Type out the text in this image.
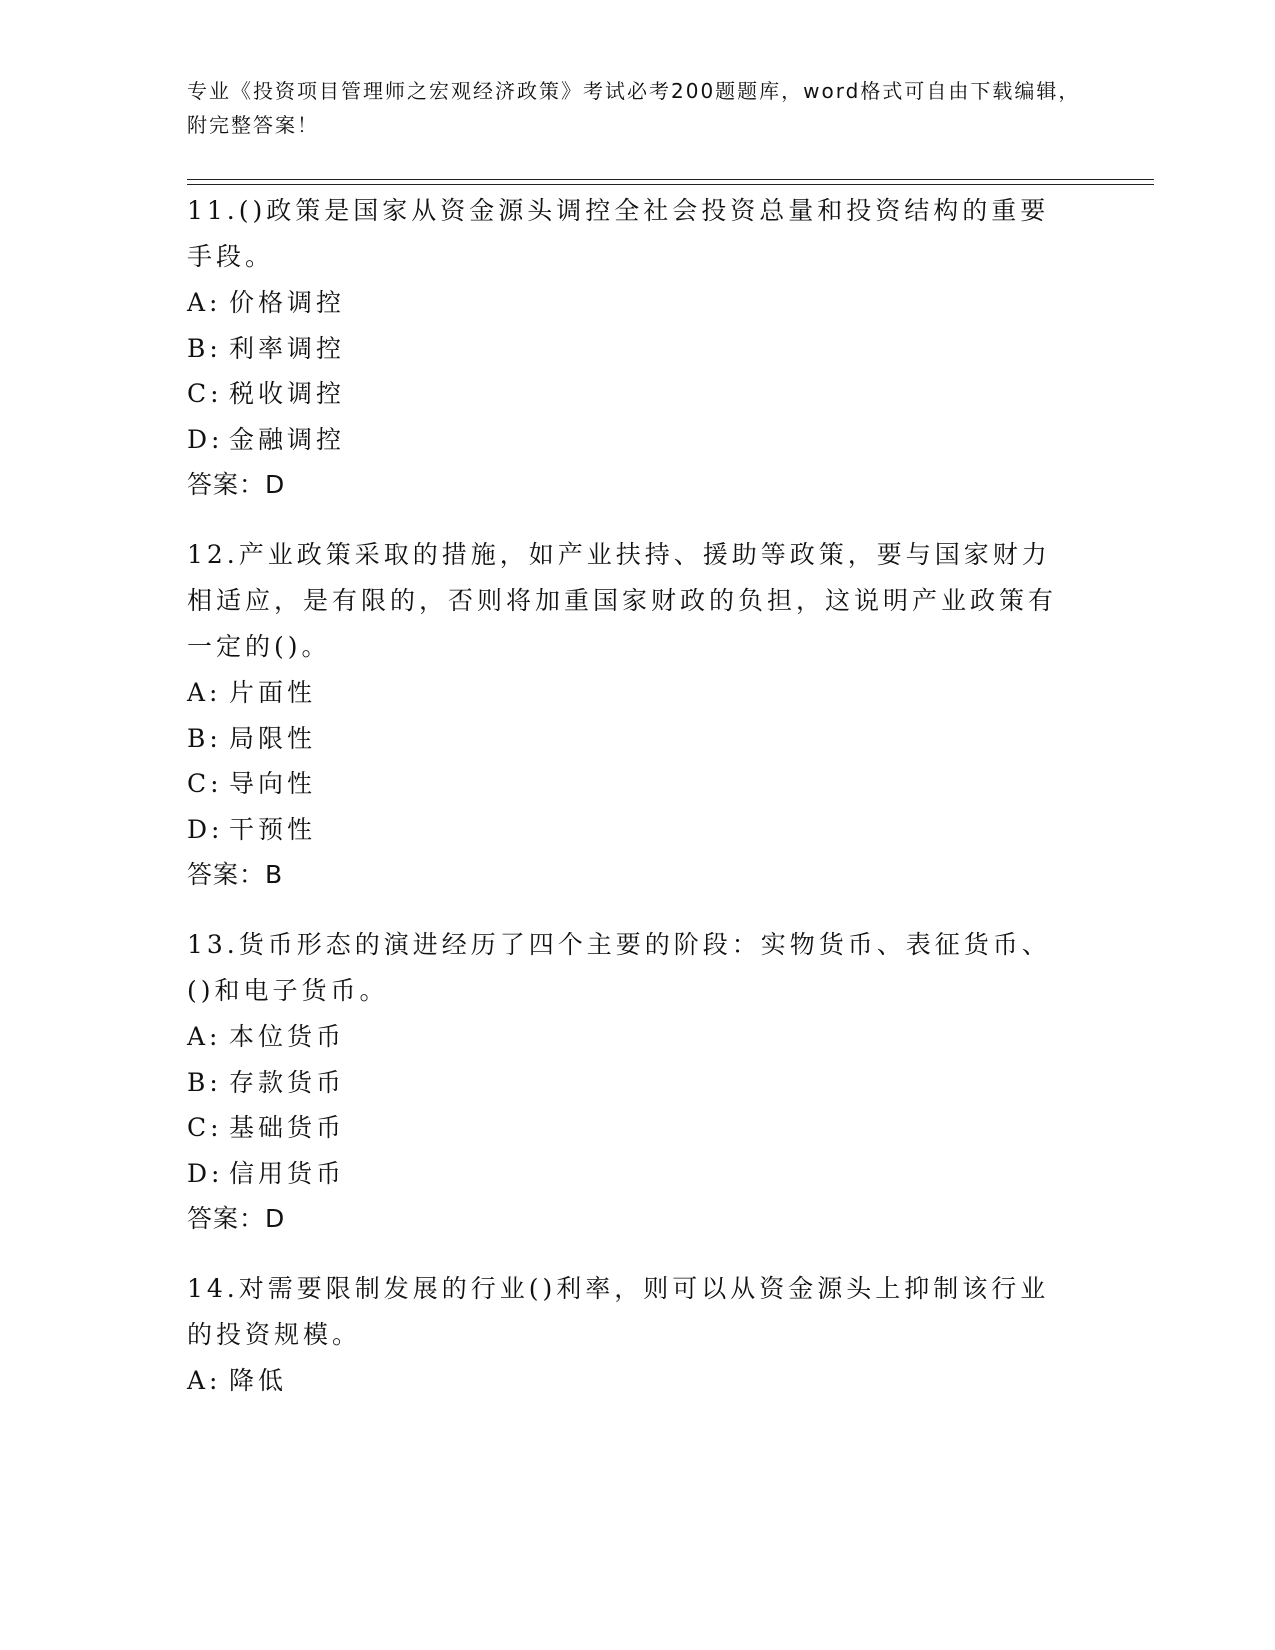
专业《投资项目管理师之宏观经济政策》考试必考200题题库，word格式可自由下载编辑，附完整答案！

11.()政策是国家从资金源头调控全社会投资总量和投资结构的重要手段。

A: 价格调控

B: 利率调控

C: 税收调控

D: 金融调控

答案：D

12.产业政策采取的措施，如产业扶持、援助等政策，要与国家财力相适应，是有限的，否则将加重国家财政的负担，这说明产业政策有一定的()。

A: 片面性

B: 局限性

C: 导向性

D: 干预性

答案：B

13.货币形态的演进经历了四个主要的阶段：实物货币、表征货币、()和电子货币。

A: 本位货币

B: 存款货币

C: 基础货币

D: 信用货币

答案：D

14.对需要限制发展的行业()利率，则可以从资金源头上抑制该行业的投资规模。

A: 降低
